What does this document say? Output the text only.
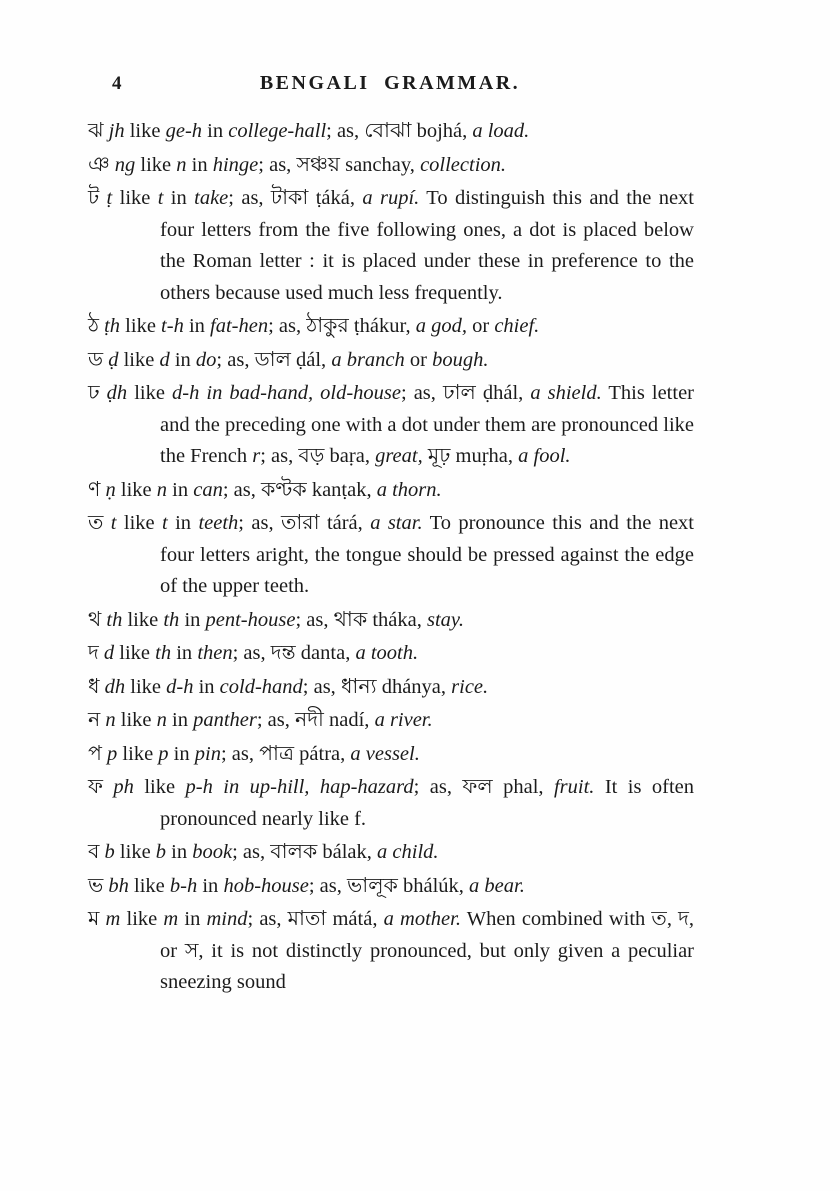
4	BENGALI GRAMMAR.

ঝ jh like ge-h in college-hall; as, বোঝা bojhá, a load.

ঞ ng like n in hinge; as, সঞ্চয় sanchay, collection.

ট ṭ like t in take; as, টাকা ṭáká, a rupí. To distinguish this and the next four letters from the five following ones, a dot is placed below the Roman letter : it is placed under these in preference to the others because used much less frequently.

ঠ ṭh like t-h in fat-hen; as, ঠাকুর ṭhákur, a god, or chief.

ড ḍ like d in do; as, ডাল ḍál, a branch or bough.

ঢ ḍh like d-h in bad-hand, old-house; as, ঢাল ḍhál, a shield. This letter and the preceding one with a dot under them are pronounced like the French r; as, বড় baṛa, great, মূঢ় muṛha, a fool.

ণ ṇ like n in can; as, কণ্টক kanṭak, a thorn.

ত t like t in teeth; as, তারা tárá, a star. To pronounce this and the next four letters aright, the tongue should be pressed against the edge of the upper teeth.

থ th like th in pent-house; as, থাক tháka, stay.

দ d like th in then; as, দন্ত danta, a tooth.

ধ dh like d-h in cold-hand; as, ধান্য dhánya, rice.

ন n like n in panther; as, নদী nadí, a river.

প p like p in pin; as, পাত্র pátra, a vessel.

ফ ph like p-h in up-hill, hap-hazard; as, ফল phal, fruit. It is often pronounced nearly like f.

ব b like b in book; as, বালক bálak, a child.

ভ bh like b-h in hob-house; as, ভালূক bhálúk, a bear.

ম m like m in mind; as, মাতা mátá, a mother. When combined with ত, দ, or স, it is not distinctly pronounced, but only given a peculiar sneezing sound
